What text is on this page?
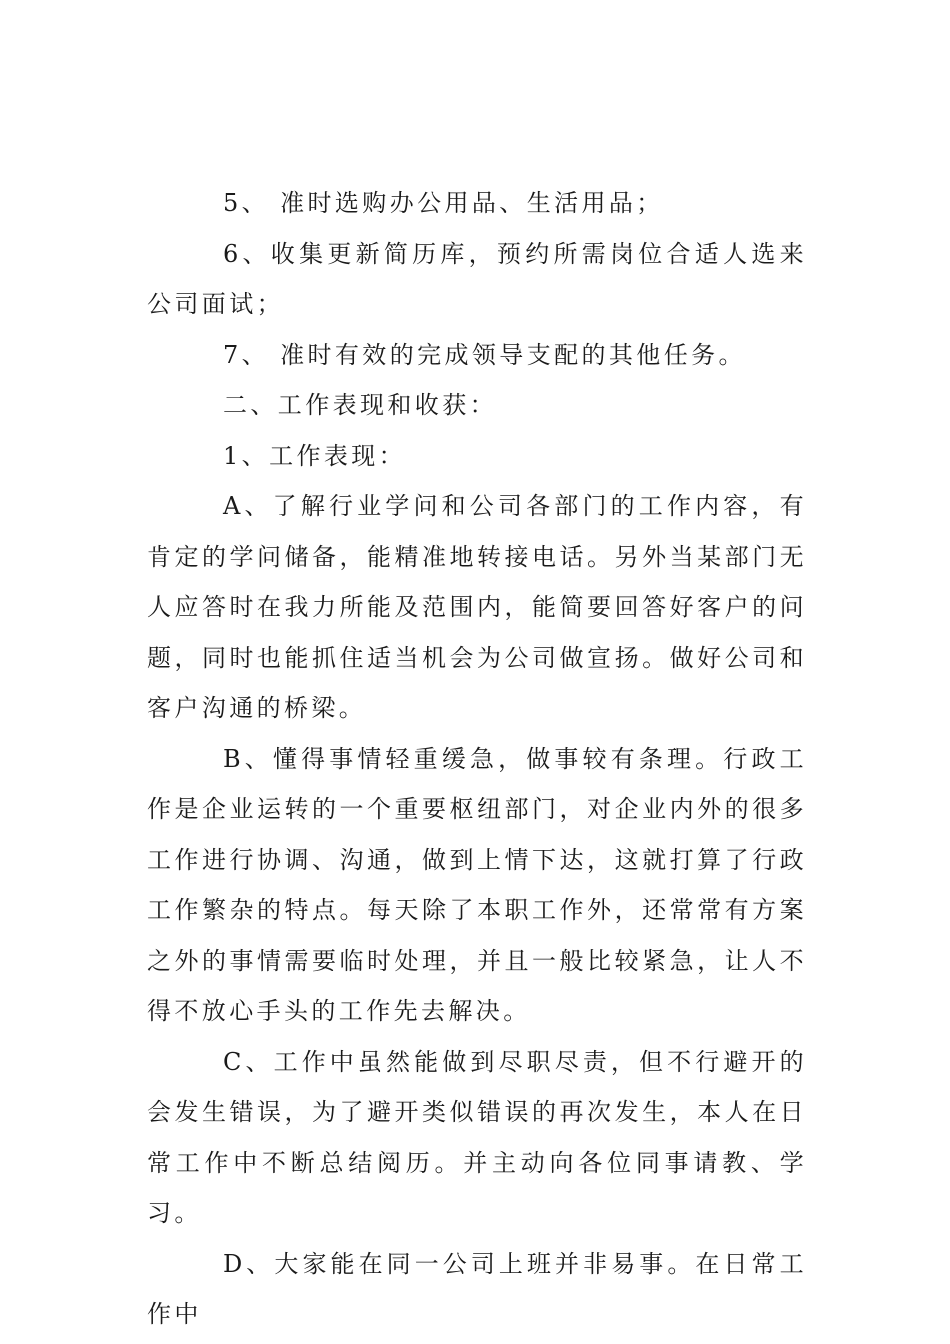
5、 准时选购办公用品、生活用品；

6、收集更新简历库，预约所需岗位合适人选来公司面试；

7、 准时有效的完成领导支配的其他任务。

二、工作表现和收获：

1、工作表现：

A、了解行业学问和公司各部门的工作内容，有肯定的学问储备，能精准地转接电话。另外当某部门无人应答时在我力所能及范围内，能简要回答好客户的问题，同时也能抓住适当机会为公司做宣扬。做好公司和客户沟通的桥梁。

B、懂得事情轻重缓急，做事较有条理。行政工作是企业运转的一个重要枢纽部门，对企业内外的很多工作进行协调、沟通，做到上情下达，这就打算了行政工作繁杂的特点。每天除了本职工作外，还常常有方案之外的事情需要临时处理，并且一般比较紧急，让人不得不放心手头的工作先去解决。

C、工作中虽然能做到尽职尽责，但不行避开的会发生错误，为了避开类似错误的再次发生，本人在日常工作中不断总结阅历。并主动向各位同事请教、学习。

D、大家能在同一公司上班并非易事。在日常工作中
